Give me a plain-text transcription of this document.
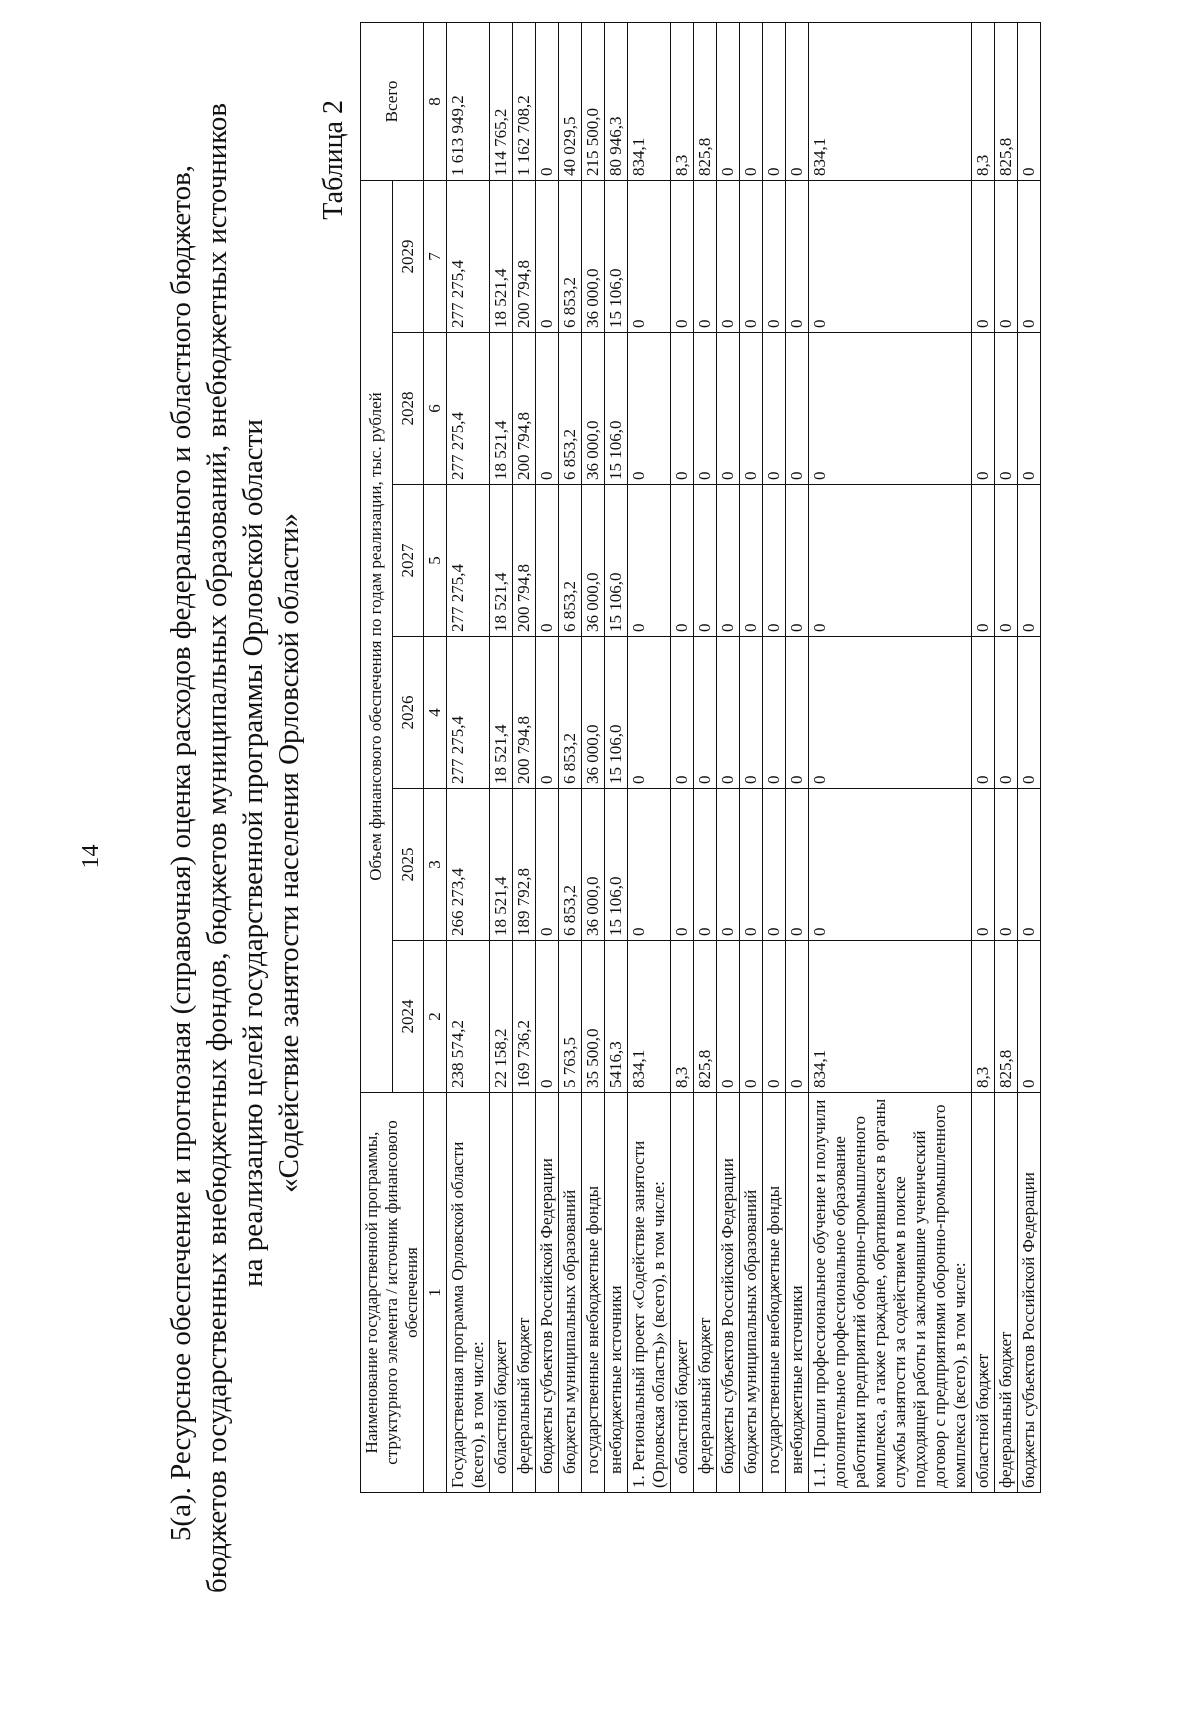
14 5(а). Ресурсное обеспечение и прогнозная (справочная) оценка расходов федерального и областного бюджетов, бюджетов государственных внебюджетных фондов, бюджетов муниципальных образований, внебюджетных источников на реализацию целей государственной программы Орловской области «Содействие занятости населения Орловской области»
Таблица 2
Наименование государственной программы, структурного элемента / источник финансового обеспечения	Объем финансового обеспечения по годам реализации, тыс. рублей						Всего
	2024	2025	2026	2027	2028	2029	
1	2	3	4	5	6	7	8
Государственная программа Орловской области (всего), в том числе:	238 574,2	266 273,4	277 275,4	277 275,4	277 275,4	277 275,4	1 613 949,2
областной бюджет	22 158,2	18 521,4	18 521,4	18 521,4	18 521,4	18 521,4	114 765,2
федеральный бюджет	169 736,2	189 792,8	200 794,8	200 794,8	200 794,8	200 794,8	1 162 708,2
бюджеты субъектов Российской Федерации	0	0	0	0	0	0	0
бюджеты муниципальных образований	5 763,5	6 853,2	6 853,2	6 853,2	6 853,2	6 853,2	40 029,5
государственные внебюджетные фонды	35 500,0	36 000,0	36 000,0	36 000,0	36 000,0	36 000,0	215 500,0
внебюджетные источники	5416,3	15 106,0	15 106,0	15 106,0	15 106,0	15 106,0	80 946,3
1. Региональный проект «Содействие занятости (Орловская область)» (всего), в том числе:	834,1	0	0	0	0	0	834,1
областной бюджет	8,3	0	0	0	0	0	8,3
федеральный бюджет	825,8	0	0	0	0	0	825,8
бюджеты субъектов Российской Федерации	0	0	0	0	0	0	0
бюджеты муниципальных образований	0	0	0	0	0	0	0
государственные внебюджетные фонды	0	0	0	0	0	0	0
внебюджетные источники	0	0	0	0	0	0	0
1.1. Прошли профессиональное обучение и получили дополнительное профессиональное образование работники предприятий оборонно-промышленного комплекса, а также граждане, обратившиеся в органы службы занятости за содействием в поиске подходящей работы и заключившие ученический договор с предприятиями оборонно-промышленного комплекса (всего), в том числе:	834,1	0	0	0	0	0	834,1
областной бюджет	8,3	0	0	0	0	0	8,3
федеральный бюджет	825,8	0	0	0	0	0	825,8
бюджеты субъектов Российской Федерации	0	0	0	0	0	0	0
